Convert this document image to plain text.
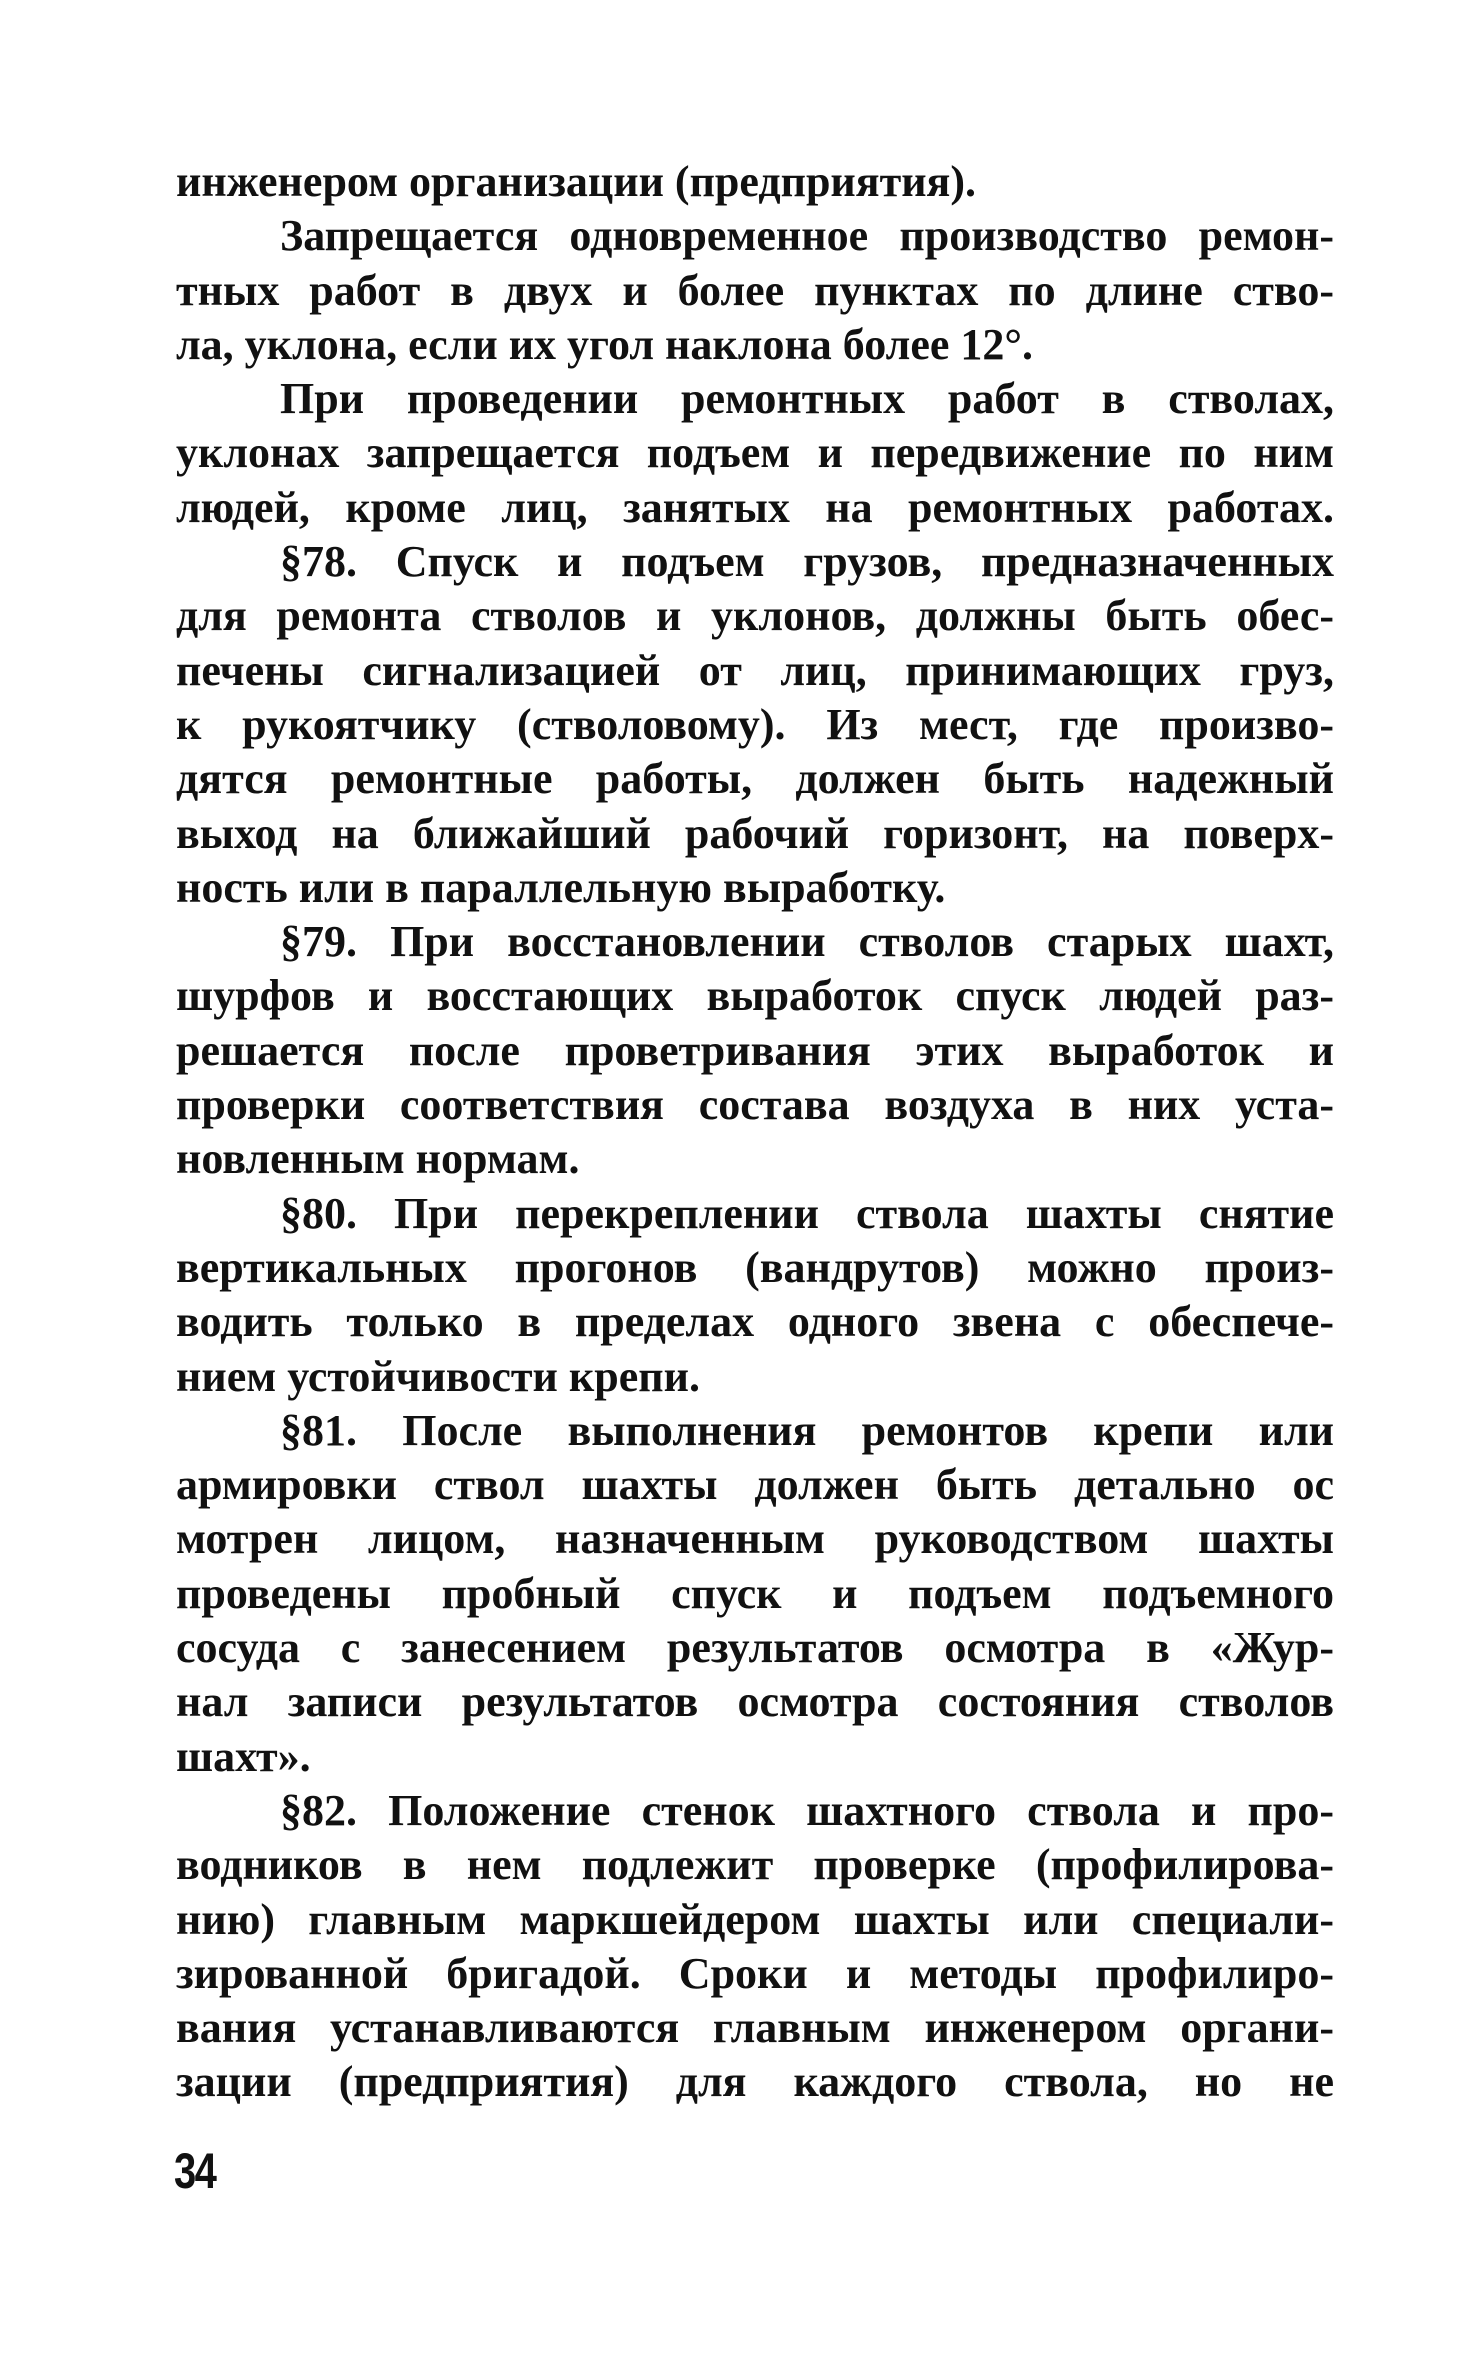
инженером организации (предприятия).
Запрещается одновременное производство ремон-
тных работ в двух и более пунктах по длине ство-
ла, уклона, если их угол наклона более 12°.
При проведении ремонтных работ в стволах,
уклонах запрещается подъем и передвижение по ним
людей, кроме лиц, занятых на ремонтных работах.
§78. Спуск и подъем грузов, предназначенных
для ремонта стволов и уклонов, должны быть обес-
печены сигнализацией от лиц, принимающих груз,
к рукоятчику (стволовому). Из мест, где произво-
дятся ремонтные работы, должен быть надежный
выход на ближайший рабочий горизонт, на поверх-
ность или в параллельную выработку.
§79. При восстановлении стволов старых шахт,
шурфов и восстающих выработок спуск людей раз-
решается после проветривания этих выработок и
проверки соответствия состава воздуха в них уста-
новленным нормам.
§80. При перекреплении ствола шахты снятие
вертикальных прогонов (вандрутов) можно произ-
водить только в пределах одного звена с обеспече-
нием устойчивости крепи.
§81. После выполнения ремонтов крепи или
армировки ствол шахты должен быть детально ос
мотрен лицом, назначенным руководством шахты
проведены пробный спуск и подъем подъемного
сосуда с занесением результатов осмотра в «Жур-
нал записи результатов осмотра состояния стволов
шахт».
§82. Положение стенок шахтного ствола и про-
водников в нем подлежит проверке (профилирова-
нию) главным маркшейдером шахты или специали-
зированной бригадой. Сроки и методы профилиро-
вания устанавливаются главным инженером органи-
зации (предприятия) для каждого ствола, но не
34
